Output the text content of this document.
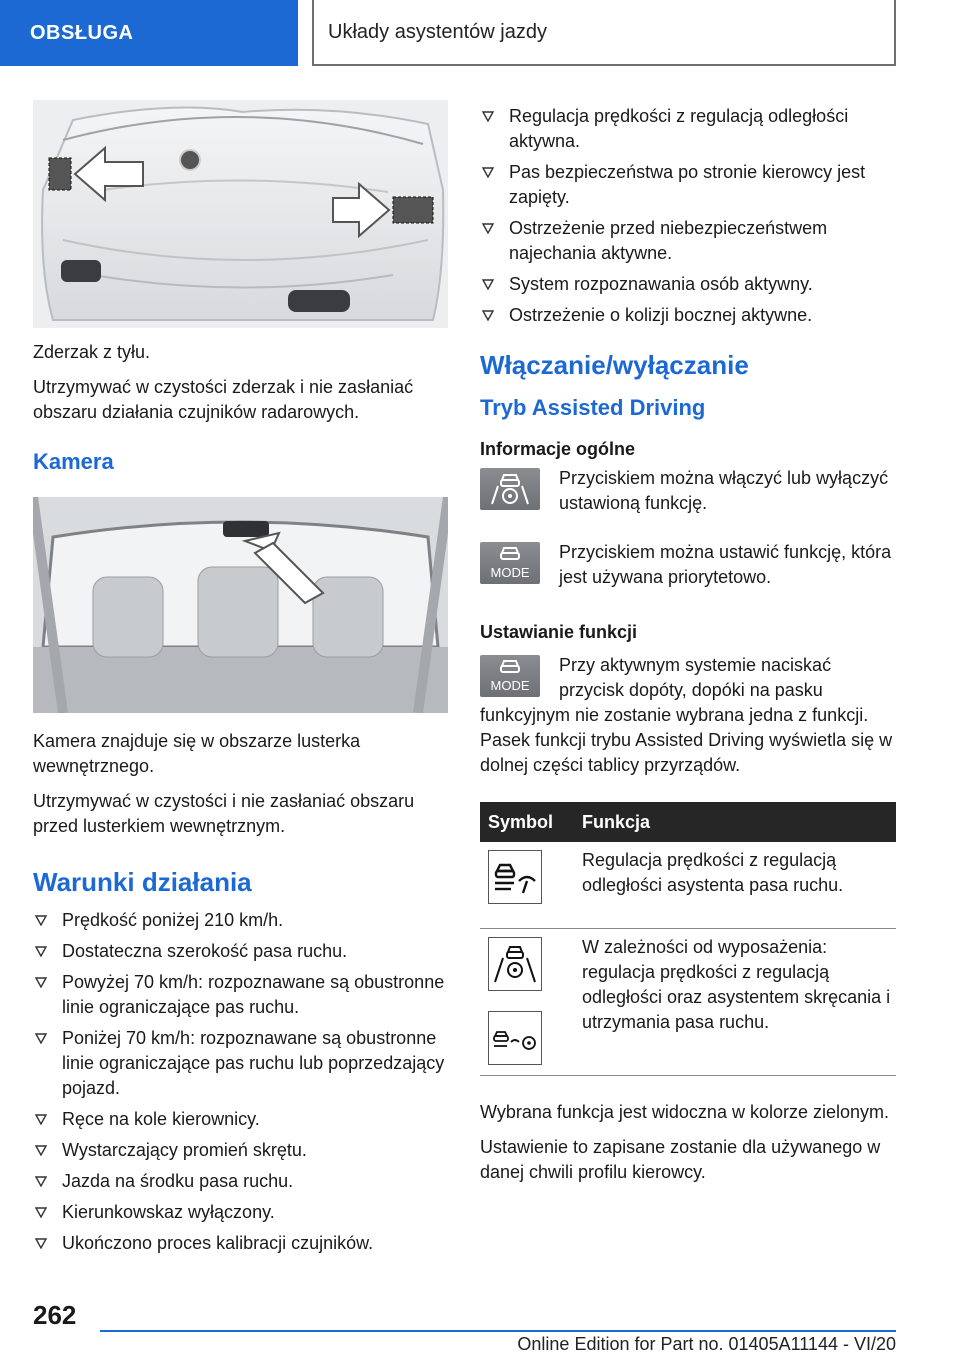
OBSŁUGA	Układy asystentów jazdy

Zderzak z tyłu.

Utrzymywać w czystości zderzak i nie zasłaniać obszaru działania czujników radarowych.

Kamera

Kamera znajduje się w obszarze lusterka wewnętrznego.

Utrzymywać w czystości i nie zasłaniać obszaru przed lusterkiem wewnętrznym.

Warunki działania
Prędkość poniżej 210 km/h.
Dostateczna szerokość pasa ruchu.
Powyżej 70 km/h: rozpoznawane są obustronne linie ograniczające pas ruchu.
Poniżej 70 km/h: rozpoznawane są obustronne linie ograniczające pas ruchu lub poprzedzający pojazd.
Ręce na kole kierownicy.
Wystarczający promień skrętu.
Jazda na środku pasa ruchu.
Kierunkowskaz wyłączony.
Ukończono proces kalibracji czujników.
Regulacja prędkości z regulacją odległości aktywna.
Pas bezpieczeństwa po stronie kierowcy jest zapięty.
Ostrzeżenie przed niebezpieczeństwem najechania aktywne.
System rozpoznawania osób aktywny.
Ostrzeżenie o kolizji bocznej aktywne.
Włączanie/wyłączanie
Tryb Assisted Driving
Informacje ogólne
Przyciskiem można włączyć lub wyłączyć ustawioną funkcję.
MODE
Przyciskiem można ustawić funkcję, która jest używana priorytetowo.
Ustawianie funkcji
MODE

Przy aktywnym systemie naciskać przycisk dopóty, dopóki na pasku funkcyjnym nie zostanie wybrana jedna z funkcji. Pasek funkcji trybu Assisted Driving wyświetla się w dolnej części tablicy przyrządów.

Symbol	Funkcja

	Regulacja prędkości z regulacją odległości asystenta pasa ruchu.

	W zależności od wyposażenia: regulacja prędkości z regulacją odległości oraz asystentem skręcania i utrzymania pasa ruchu.

Wybrana funkcja jest widoczna w kolorze zielonym.

Ustawienie to zapisane zostanie dla używanego w danej chwili profilu kierowcy.

262
Online Edition for Part no. 01405A11144 - VI/20
